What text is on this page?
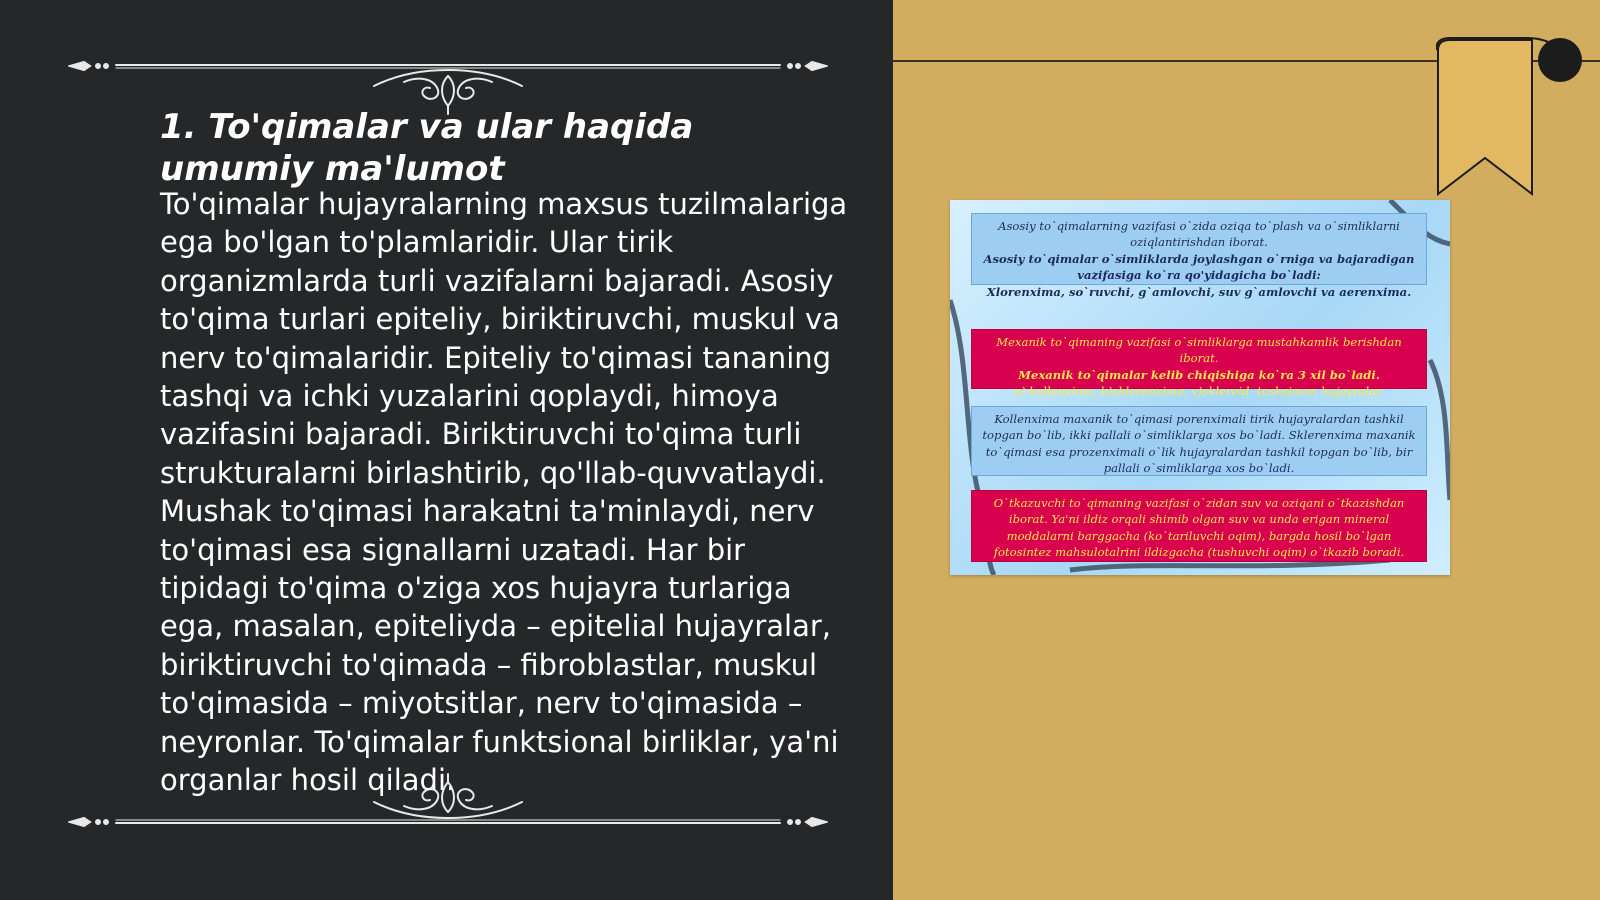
1. To'qimalar va ular haqida umumiy ma'lumot

To'qimalar hujayralarning maxsus tuzilmalariga ega bo'lgan to'plamlaridir. Ular tirik organizmlarda turli vazifalarni bajaradi. Asosiy to'qima turlari epiteliy, biriktiruvchi, muskul va nerv to'qimalaridir. Epiteliy to'qimasi tananing tashqi va ichki yuzalarini qoplaydi, himoya vazifasini bajaradi. Biriktiruvchi to'qima turli strukturalarni birlashtirib, qo'llab-quvvatlaydi. Mushak to'qimasi harakatni ta'minlaydi, nerv to'qimasi esa signallarni uzatadi. Har bir tipidagi to'qima o'ziga xos hujayra turlariga ega, masalan, epiteliyda – epitelial hujayralar, biriktiruvchi to'qimada – fibroblastlar, muskul to'qimasida – miyotsitlar, nerv to'qimasida – neyronlar. To'qimalar funktsional birliklar, ya'ni organlar hosil qiladi.

Asosiy to`qimalarning vazifasi o`zida oziqa to`plash va o`simliklarni oziqlantirishdan iborat.

Asosiy to`qimalar o`simliklarda joylashgan o`rniga va bajaradigan vazifasiga ko`ra qo'yidagicha bo`ladi:

Xlorenxima, so`ruvchi, g`amlovchi, suv g`amlovchi va aerenxima.

Mexanik to`qimaning vazifasi o`simliklarga mustahkamlik berishdan iborat.

Mexanik to`qimalar kelib chiqishiga ko`ra 3 xil bo`ladi.

a) kollenxima, b)sklerenxima, v)sklereid- toshsimon hujayralar.

Kollenxima maxanik to`qimasi porenximali tirik hujayralardan tashkil topgan bo`lib, ikki pallali o`simliklarga xos bo`ladi. Sklerenxima maxanik to`qimasi esa prozenximali o`lik hujayralardan tashkil topgan bo`lib, bir pallali o`simliklarga xos bo`ladi.

O`tkazuvchi to`qimaning vazifasi o`zidan suv va oziqani o`tkazishdan iborat. Ya'ni ildiz orqali shimib olgan suv va unda erigan mineral moddalarni barggacha (ko`tariluvchi oqim), bargda hosil bo`lgan fotosintez mahsulotalrini ildizgacha (tushuvchi oqim) o`tkazib boradi.
